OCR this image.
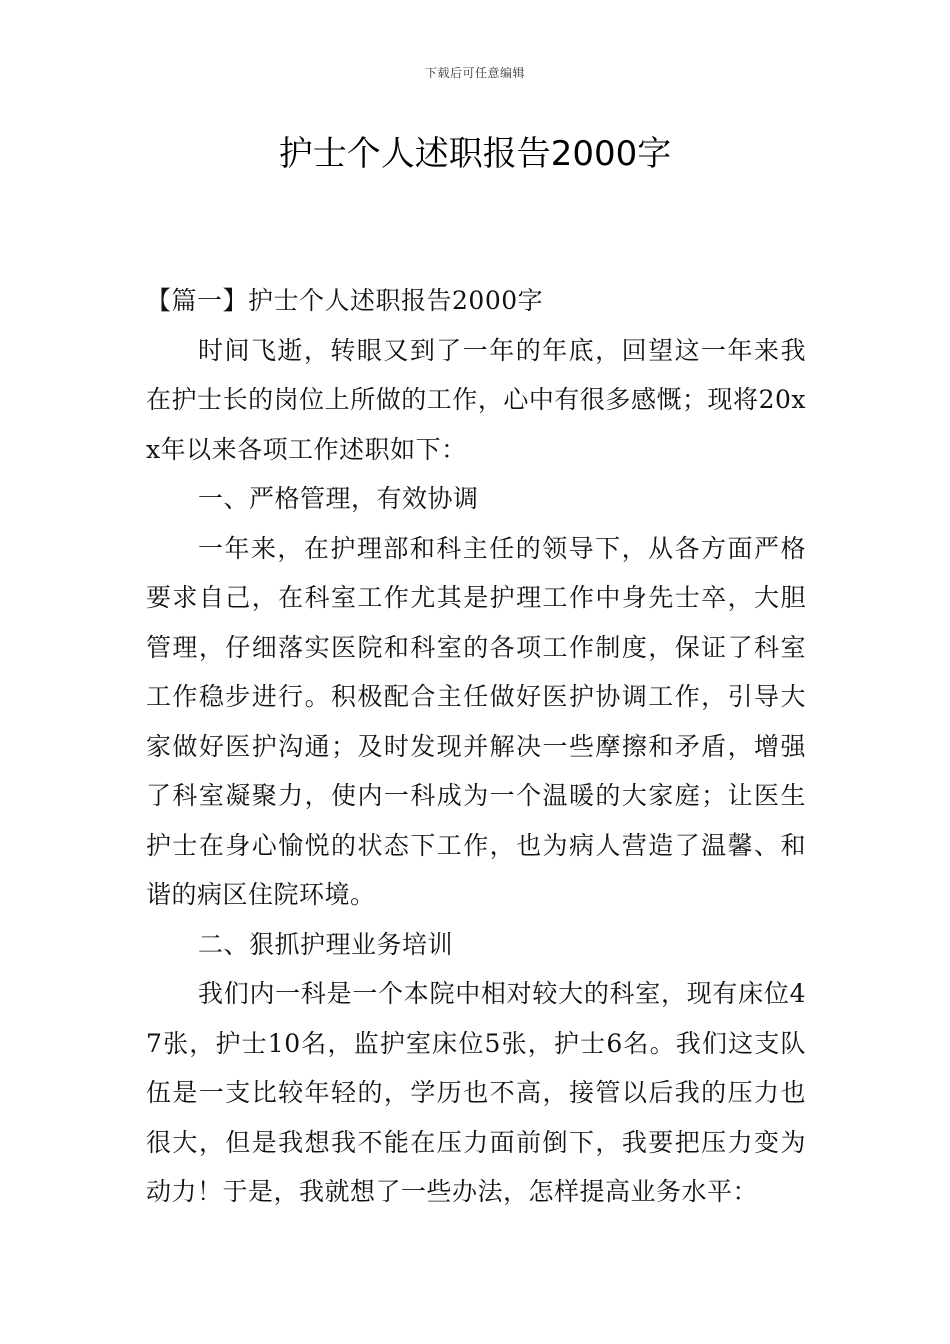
下载后可任意编辑
护士个人述职报告2000字

【篇一】护士个人述职报告2000字

时间飞逝，转眼又到了一年的年底，回望这一年来我在护士长的岗位上所做的工作，心中有很多感慨；现将20xx年以来各项工作述职如下：

一、严格管理，有效协调

一年来，在护理部和科主任的领导下，从各方面严格要求自己，在科室工作尤其是护理工作中身先士卒，大胆管理，仔细落实医院和科室的各项工作制度，保证了科室工作稳步进行。积极配合主任做好医护协调工作，引导大家做好医护沟通；及时发现并解决一些摩擦和矛盾，增强了科室凝聚力，使内一科成为一个温暖的大家庭；让医生护士在身心愉悦的状态下工作，也为病人营造了温馨、和谐的病区住院环境。

二、狠抓护理业务培训

我们内一科是一个本院中相对较大的科室，现有床位47张，护士10名，监护室床位5张，护士6名。我们这支队伍是一支比较年轻的，学历也不高，接管以后我的压力也很大，但是我想我不能在压力面前倒下，我要把压力变为动力！于是，我就想了一些办法，怎样提高业务水平：
